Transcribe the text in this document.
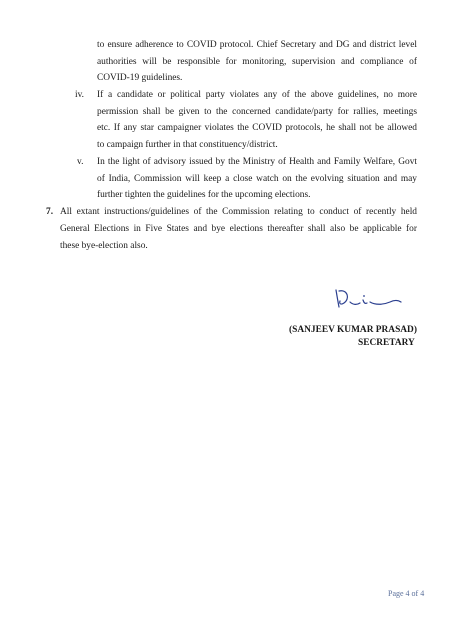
to ensure adherence to COVID protocol. Chief Secretary and DG and district level
authorities will be responsible for monitoring, supervision and compliance of
COVID-19 guidelines.
iv. If a candidate or political party violates any of the above guidelines, no more
permission shall be given to the concerned candidate/party for rallies, meetings
etc. If any star campaigner violates the COVID protocols, he shall not be allowed
to campaign further in that constituency/district.
v. In the light of advisory issued by the Ministry of Health and Family Welfare, Govt
of India, Commission will keep a close watch on the evolving situation and may
further tighten the guidelines for the upcoming elections.
7. All extant instructions/guidelines of the Commission relating to conduct of recently held
General Elections in Five States and bye elections thereafter shall also be applicable for
these bye-election also.
(SANJEEV KUMAR PRASAD)
SECRETARY
Page 4 of 4
